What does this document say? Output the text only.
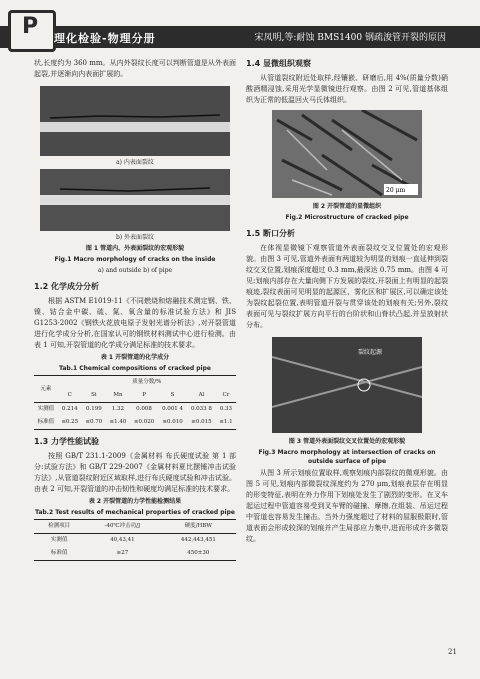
P 理化检验-物理分册	宋凤明,等:耐蚀 BMS1400 钢疏浚管开裂的原因

状,长度约为 360 mm。从内外裂纹长度可以判断管道是从外表面起裂,并逐渐向内表面扩展的。

a) 内表面裂纹
b) 外表面裂纹
图 1 管道内、外表面裂纹的宏观形貌
Fig.1 Macro morphology of cracks on the inside
a) and outside b) of pipe
1.2 化学成分分析

根据 ASTM E1019-11《不同燃烧和熔融技术测定钢、铁、镍、钴合金中碳、硫、氮、氧含量的标准试验方法》和 JIS G1253-2002《钢铁火花放电原子发射光谱分析法》,对开裂管道进行化学成分分析,在国家认可的钢铁材料测试中心进行检测。由表 1 可知,开裂管道的化学成分满足标准的技术要求。

表 1 开裂管道的化学成分
Tab.1 Chemical compositions of cracked pipe
元素	质量分数/%						
	C	Si	Mn	P	S	Al	Cr
实测值	0.214	0.199	1.32	0.008	0.001 4	0.033 8	0.33
标准值	≤0.25	≤0.70	≤1.40	≤0.020	≤0.010	≥0.015	≤1.1
1.3 力学性能试验

按照 GB/T 231.1-2009《金属材料 布氏硬度试验 第 1 部分:试验方法》和 GB/T 229-2007《金属材料夏比摆锤冲击试验方法》,从管道裂纹附近区域取样,进行布氏硬度试验和冲击试验。由表 2 可知,开裂管道的冲击韧性和硬度均满足标准的技术要求。

表 2 开裂管道的力学性能检测结果
Tab.2 Test results of mechanical properties of cracked pipe
检测项目	-40℃冲击功/J	硬度/HBW
实测值	40,43,41	442,443,451
标准值	≥27	450±30
1.4 显微组织观察

从管道裂纹附近处取样,经镶嵌、研磨后,用 4%(质量分数)硝酸酒精浸蚀,采用光学显微镜进行观察。由图 2 可见,管道基体组织为正常的低温回火马氏体组织。

20 μm
图 2 开裂管道的显微组织
Fig.2 Microstructure of cracked pipe
1.5 断口分析

在体视显微镜下观察管道外表面裂纹交叉位置处的宏观形貌。由图 3 可见,管道外表面有两道较为明显的划痕一直延伸到裂纹交叉位置,划痕深度超过 0.3 mm,最深达 0.75 mm。由图 4 可见:划痕内部存在大量向侧下方发展的裂纹,开裂面上有明显的起裂痕迹,裂纹表面可见明显的起源区、雾化区和扩展区,可以确定该处为裂纹起裂位置,表明管道开裂与贯穿该处的划痕有关;另外,裂纹表面可见与裂纹扩展方向平行的台阶状和山脊状凸起,并呈放射状分布。

裂纹起源
图 3 管道外表面裂纹交叉位置处的宏观形貌
Fig.3 Macro morphology at intersection of cracks on outside surface of pipe

从图 3 所示划痕位置取样,观察划痕内部裂纹的微观形貌。由图 5 可见,划痕内部微裂纹深度约为 270 μm,划痕表层存在明显的形变特征,表明在外力作用下划痕处发生了剧烈的变形。在叉车起运过程中管道容易受到叉车臂的碰撞、摩擦,在组装、吊运过程中管道也容易发生撞击。当外力强度超过了材料的屈服极限时,管道表面会形成较深的划痕并产生局部应力集中,进而形成许多微裂纹。

21
